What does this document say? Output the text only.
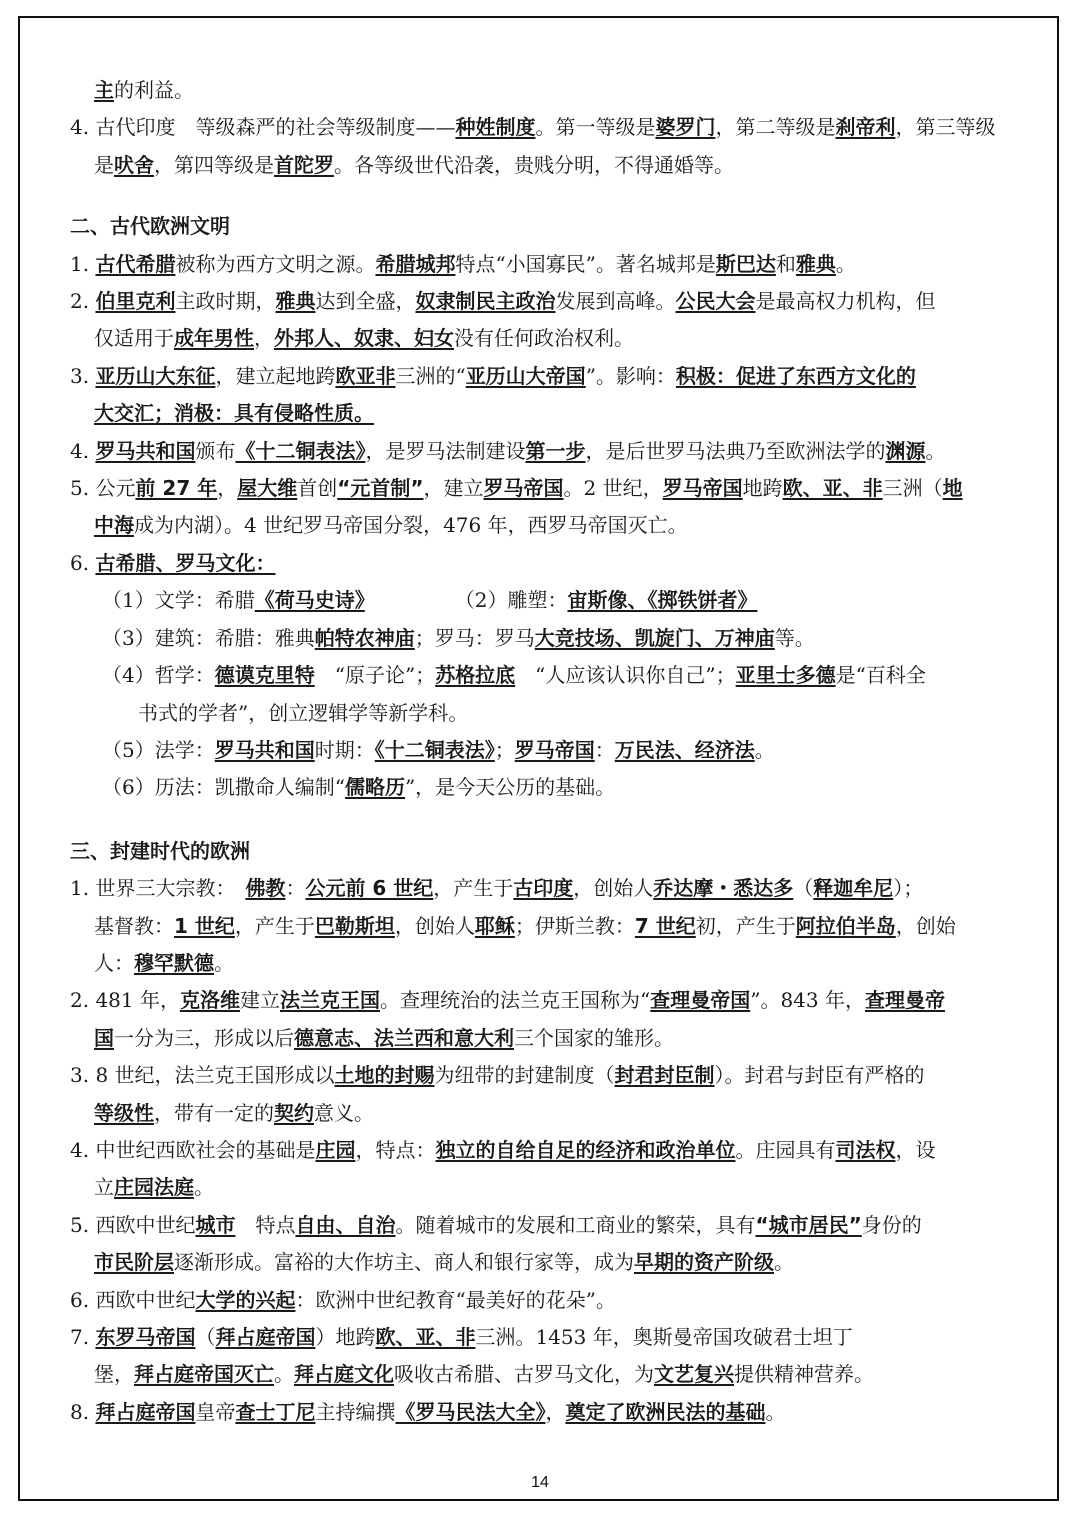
主的利益。
4. 古代印度　等级森严的社会等级制度——种姓制度。第一等级是婆罗门，第二等级是刹帝利，第三等级
是吠舍，第四等级是首陀罗。各等级世代沿袭，贵贱分明，不得通婚等。
二、古代欧洲文明
1. 古代希腊被称为西方文明之源。希腊城邦特点“小国寡民”。著名城邦是斯巴达和雅典。
2. 伯里克利主政时期，雅典达到全盛，奴隶制民主政治发展到高峰。公民大会是最高权力机构，但
仅适用于成年男性，外邦人、奴隶、妇女没有任何政治权利。
3. 亚历山大东征，建立起地跨欧亚非三洲的“亚历山大帝国”。影响：积极：促进了东西方文化的
大交汇；消极：具有侵略性质。
4. 罗马共和国颁布《十二铜表法》，是罗马法制建设第一步，是后世罗马法典乃至欧洲法学的渊源。
5. 公元前 27 年，屋大维首创“元首制”，建立罗马帝国。2 世纪，罗马帝国地跨欧、亚、非三洲（地
中海成为内湖）。4 世纪罗马帝国分裂，476 年，西罗马帝国灭亡。
6. 古希腊、罗马文化：
（1）文学：希腊《荷马史诗》　　　　　（2）雕塑：宙斯像、《掷铁饼者》
（3）建筑：希腊：雅典帕特农神庙；罗马：罗马大竞技场、凯旋门、万神庙等。
（4）哲学：德谟克里特　“原子论”；苏格拉底　“人应该认识你自己”；亚里士多德是“百科全
书式的学者”，创立逻辑学等新学科。
（5）法学：罗马共和国时期：《十二铜表法》；罗马帝国：万民法、经济法。
（6）历法：凯撒命人编制“儒略历”，是今天公历的基础。
三、封建时代的欧洲
1. 世界三大宗教：　佛教：公元前 6 世纪，产生于古印度，创始人乔达摩・悉达多（释迦牟尼）；
基督教：1 世纪，产生于巴勒斯坦，创始人耶稣；伊斯兰教：7 世纪初，产生于阿拉伯半岛，创始
人：穆罕默德。
2. 481 年，克洛维建立法兰克王国。查理统治的法兰克王国称为“查理曼帝国”。843 年，查理曼帝
国一分为三，形成以后德意志、法兰西和意大利三个国家的雏形。
3. 8 世纪，法兰克王国形成以土地的封赐为纽带的封建制度（封君封臣制）。封君与封臣有严格的
等级性，带有一定的契约意义。
4. 中世纪西欧社会的基础是庄园，特点：独立的自给自足的经济和政治单位。庄园具有司法权，设
立庄园法庭。
5. 西欧中世纪城市　特点自由、自治。随着城市的发展和工商业的繁荣，具有“城市居民”身份的
市民阶层逐渐形成。富裕的大作坊主、商人和银行家等，成为早期的资产阶级。
6. 西欧中世纪大学的兴起：欧洲中世纪教育“最美好的花朵”。
7. 东罗马帝国（拜占庭帝国）地跨欧、亚、非三洲。1453 年，奥斯曼帝国攻破君士坦丁
堡，拜占庭帝国灭亡。拜占庭文化吸收古希腊、古罗马文化，为文艺复兴提供精神营养。
8. 拜占庭帝国皇帝查士丁尼主持编撰《罗马民法大全》，奠定了欧洲民法的基础。
14
